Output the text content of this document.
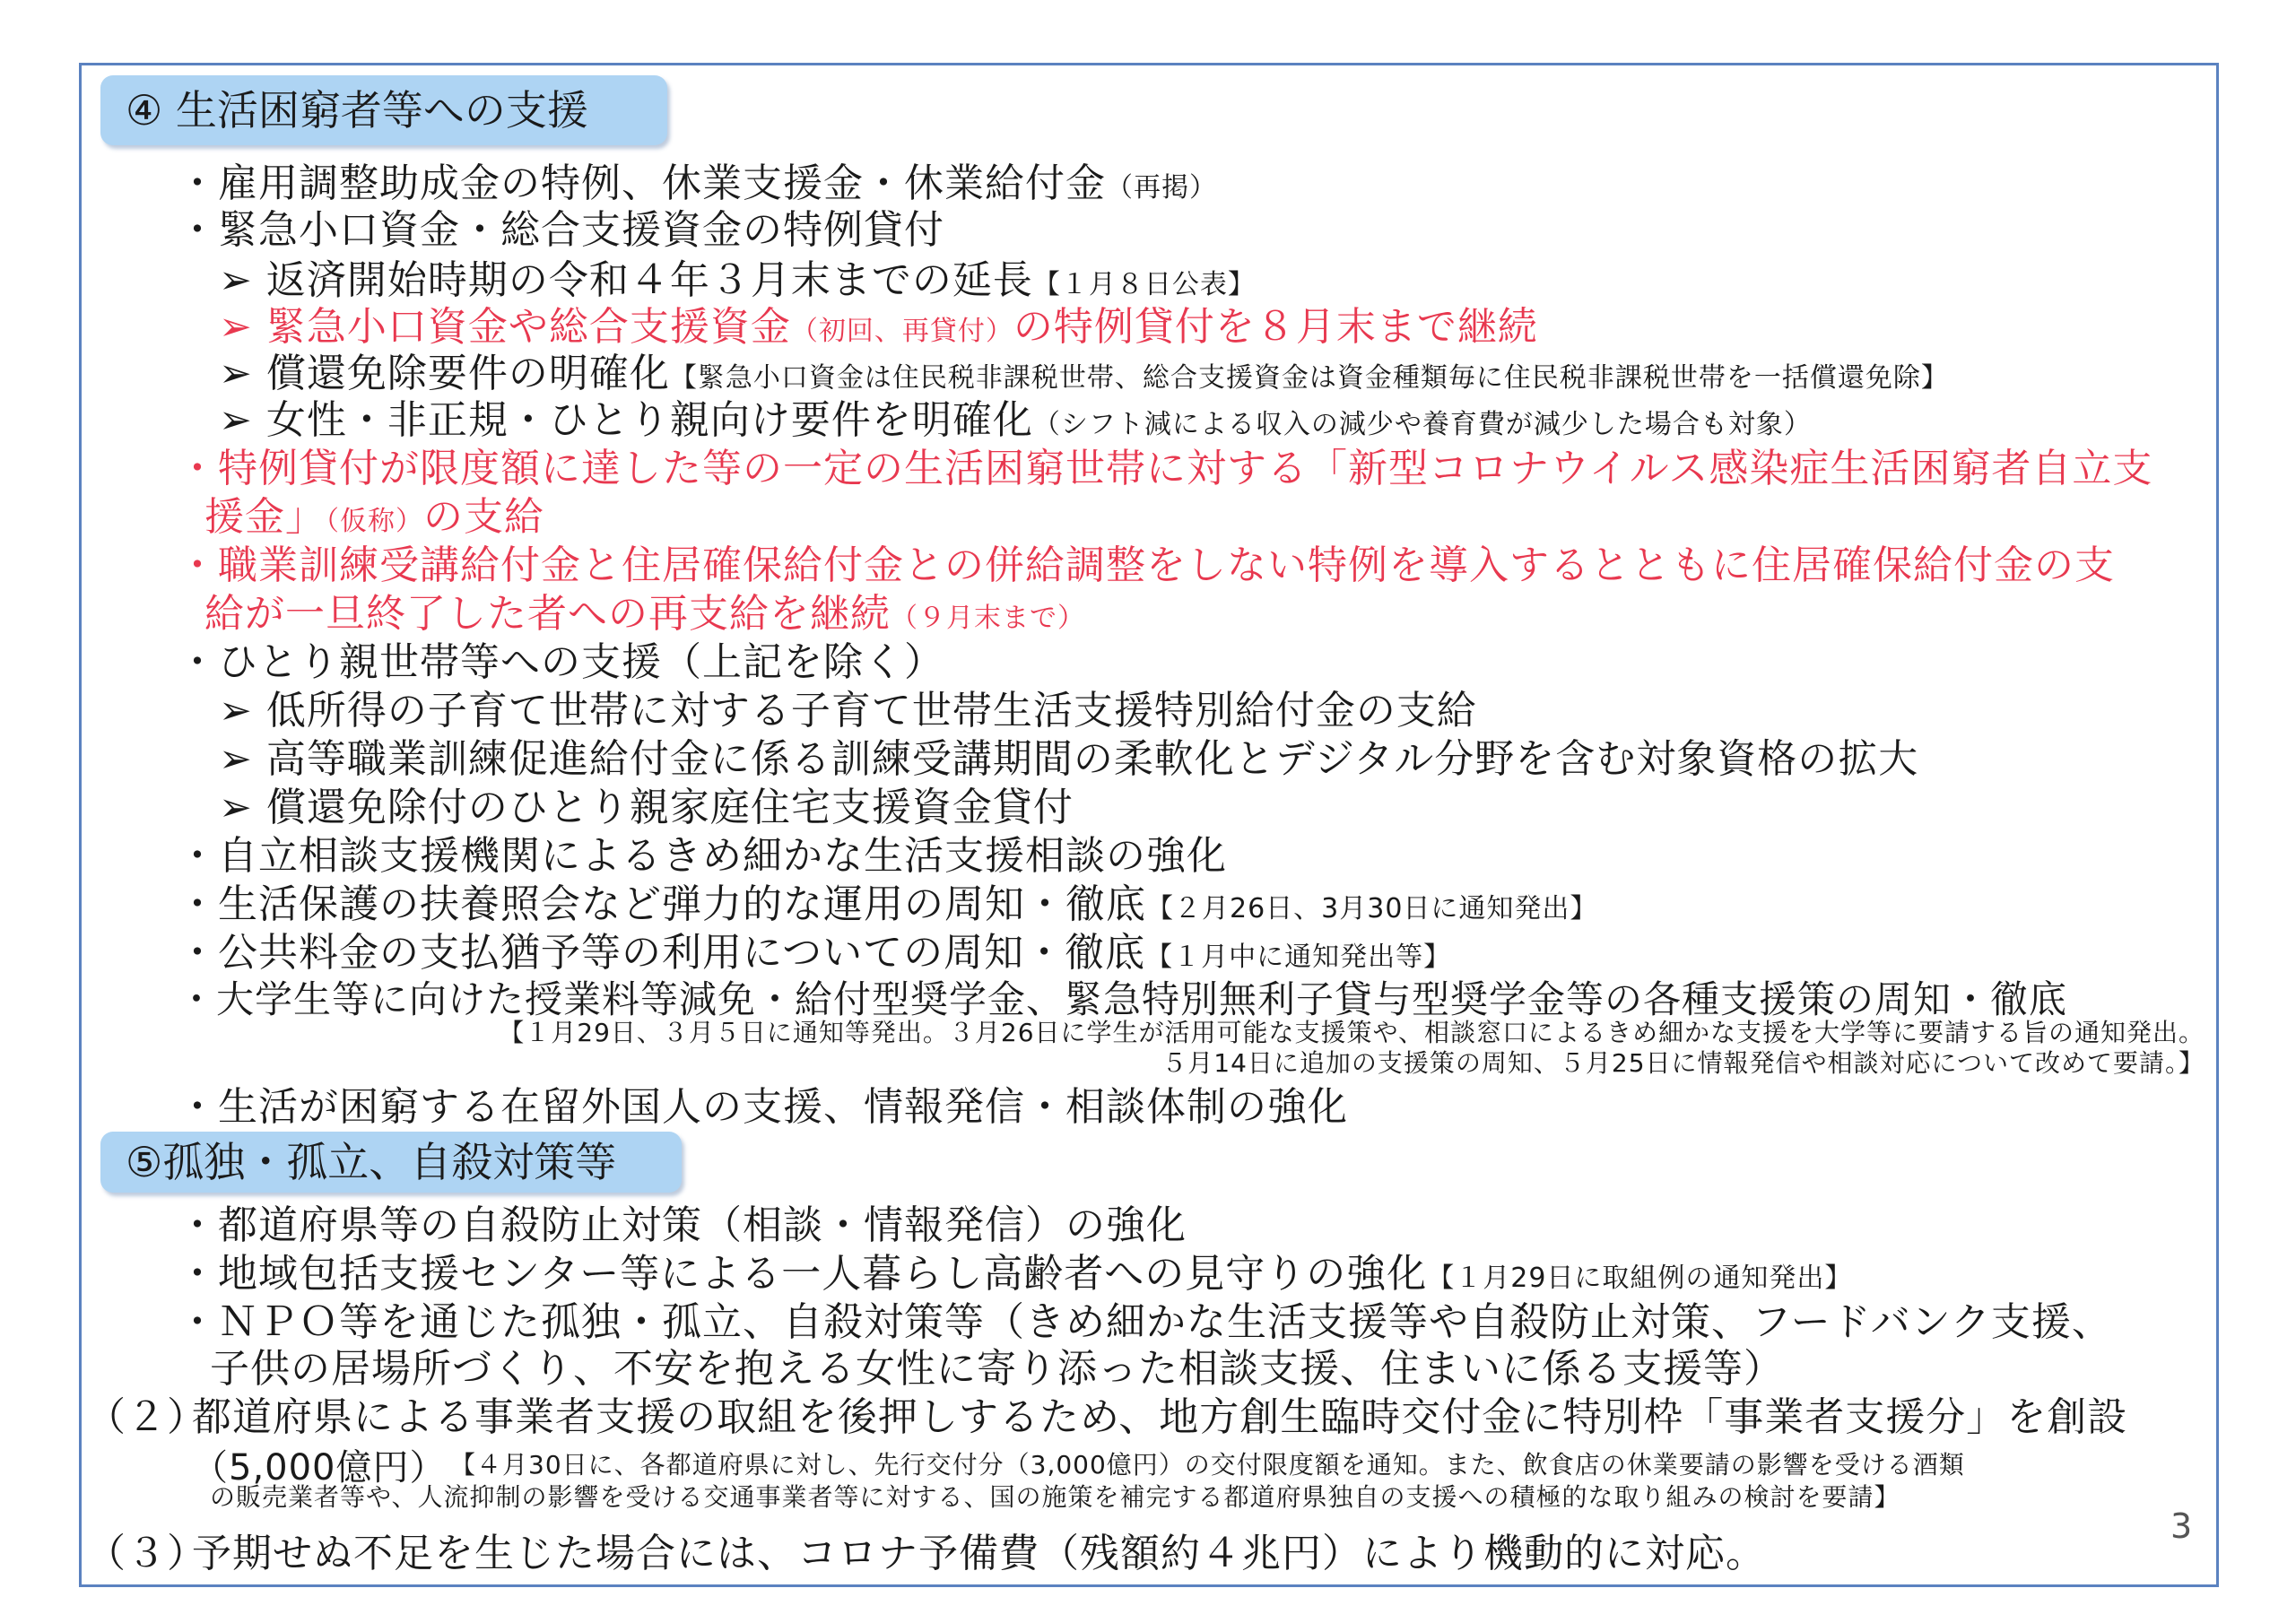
④ 生活困窮者等への支援
・雇用調整助成金の特例、休業支援金・休業給付金（再掲）
・緊急小口資金・総合支援資金の特例貸付
➢ 返済開始時期の令和４年３月末までの延長【１月８日公表】
➢ 緊急小口資金や総合支援資金（初回、再貸付）の特例貸付を８月末まで継続
➢ 償還免除要件の明確化【緊急小口資金は住民税非課税世帯、総合支援資金は資金種類毎に住民税非課税世帯を一括償還免除】
➢ 女性・非正規・ひとり親向け要件を明確化（シフト減による収入の減少や養育費が減少した場合も対象）
・特例貸付が限度額に達した等の一定の生活困窮世帯に対する「新型コロナウイルス感染症生活困窮者自立支
援金」（仮称）の支給
・職業訓練受講給付金と住居確保給付金との併給調整をしない特例を導入するとともに住居確保給付金の支
給が一旦終了した者への再支給を継続（９月末まで）
・ひとり親世帯等への支援（上記を除く）
➢ 低所得の子育て世帯に対する子育て世帯生活支援特別給付金の支給
➢ 高等職業訓練促進給付金に係る訓練受講期間の柔軟化とデジタル分野を含む対象資格の拡大
➢ 償還免除付のひとり親家庭住宅支援資金貸付
・自立相談支援機関によるきめ細かな生活支援相談の強化
・生活保護の扶養照会など弾力的な運用の周知・徹底【２月26日、3月30日に通知発出】
・公共料金の支払猶予等の利用についての周知・徹底【１月中に通知発出等】
・大学生等に向けた授業料等減免・給付型奨学金、緊急特別無利子貸与型奨学金等の各種支援策の周知・徹底
【１月29日、３月５日に通知等発出。３月26日に学生が活用可能な支援策や、相談窓口によるきめ細かな支援を大学等に要請する旨の通知発出。
５月14日に追加の支援策の周知、５月25日に情報発信や相談対応について改めて要請。】
・生活が困窮する在留外国人の支援、情報発信・相談体制の強化
⑤孤独・孤立、自殺対策等
・都道府県等の自殺防止対策（相談・情報発信）の強化
・地域包括支援センター等による一人暮らし高齢者への見守りの強化【１月29日に取組例の通知発出】
・ＮＰＯ等を通じた孤独・孤立、自殺対策等（きめ細かな生活支援等や自殺防止対策、フードバンク支援、
子供の居場所づくり、不安を抱える女性に寄り添った相談支援、住まいに係る支援等）
（２）
都道府県による事業者支援の取組を後押しするため、地方創生臨時交付金に特別枠「事業者支援分」を創設
（5,000億円） 【４月30日に、各都道府県に対し、先行交付分（3,000億円）の交付限度額を通知。また、飲食店の休業要請の影響を受ける酒類
の販売業者等や、人流抑制の影響を受ける交通事業者等に対する、国の施策を補完する都道府県独自の支援への積極的な取り組みの検討を要請】
（３）
予期せぬ不足を生じた場合には、コロナ予備費（残額約４兆円）により機動的に対応。
3
